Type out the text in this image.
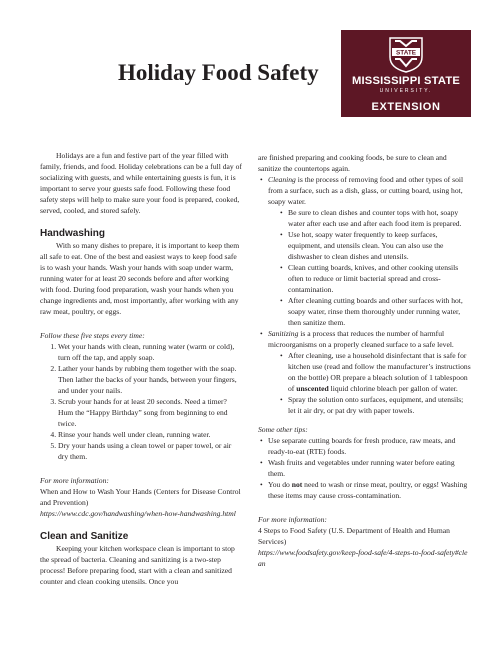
Holiday Food Safety
STATE
MISSISSIPPI STATE
UNIVERSITY.
EXTENSION

Holidays are a fun and festive part of the year filled with family, friends, and food. Holiday celebrations can be a full day of socializing with guests, and while entertaining guests is fun, it is important to serve your guests safe food. Following these food safety steps will help to make sure your food is prepared, cooked, served, cooled, and stored safely.

Handwashing

With so many dishes to prepare, it is important to keep them all safe to eat. One of the best and easiest ways to keep food safe is to wash your hands. Wash your hands with soap under warm, running water for at least 20 seconds before and after working with food. During food preparation, wash your hands when you change ingredients and, most importantly, after working with any raw meat, poultry, or eggs.

Follow these five steps every time:

1. Wet your hands with clean, running water (warm or cold), turn off the tap, and apply soap.
2. Lather your hands by rubbing them together with the soap. Then lather the backs of your hands, between your fingers, and under your nails.
3. Scrub your hands for at least 20 seconds. Need a timer? Hum the “Happy Birthday” song from beginning to end twice.
4. Rinse your hands well under clean, running water.
5. Dry your hands using a clean towel or paper towel, or air dry them.

For more information:

When and How to Wash Your Hands (Centers for Disease Control and Prevention)

https://www.cdc.gov/handwashing/when-how-handwashing.html

Clean and Sanitize

Keeping your kitchen workspace clean is important to stop the spread of bacteria. Cleaning and sanitizing is a two-step process! Before preparing food, start with a clean and sanitized counter and clean cooking utensils. Once you

are finished preparing and cooking foods, be sure to clean and sanitize the countertops again.

• Cleaning is the process of removing food and other types of soil from a surface, such as a dish, glass, or cutting board, using hot, soapy water.
• Be sure to clean dishes and counter tops with hot, soapy water after each use and after each food item is prepared.
• Use hot, soapy water frequently to keep surfaces, equipment, and utensils clean. You can also use the dishwasher to clean dishes and utensils.
• Clean cutting boards, knives, and other cooking utensils often to reduce or limit bacterial spread and cross-contamination.
• After cleaning cutting boards and other surfaces with hot, soapy water, rinse them thoroughly under running water, then sanitize them.
• Sanitizing is a process that reduces the number of harmful microorganisms on a properly cleaned surface to a safe level.
• After cleaning, use a household disinfectant that is safe for kitchen use (read and follow the manufacturer’s instructions on the bottle) OR prepare a bleach solution of 1 tablespoon of unscented liquid chlorine bleach per gallon of water.
• Spray the solution onto surfaces, equipment, and utensils; let it air dry, or pat dry with paper towels.

Some other tips:

• Use separate cutting boards for fresh produce, raw meats, and ready-to-eat (RTE) foods.
• Wash fruits and vegetables under running water before eating them.
• You do not need to wash or rinse meat, poultry, or eggs! Washing these items may cause cross-contamination.

For more information:

4 Steps to Food Safety (U.S. Department of Health and Human Services)

https://www.foodsafety.gov/keep-food-safe/4-steps-to-food-safety#clean
